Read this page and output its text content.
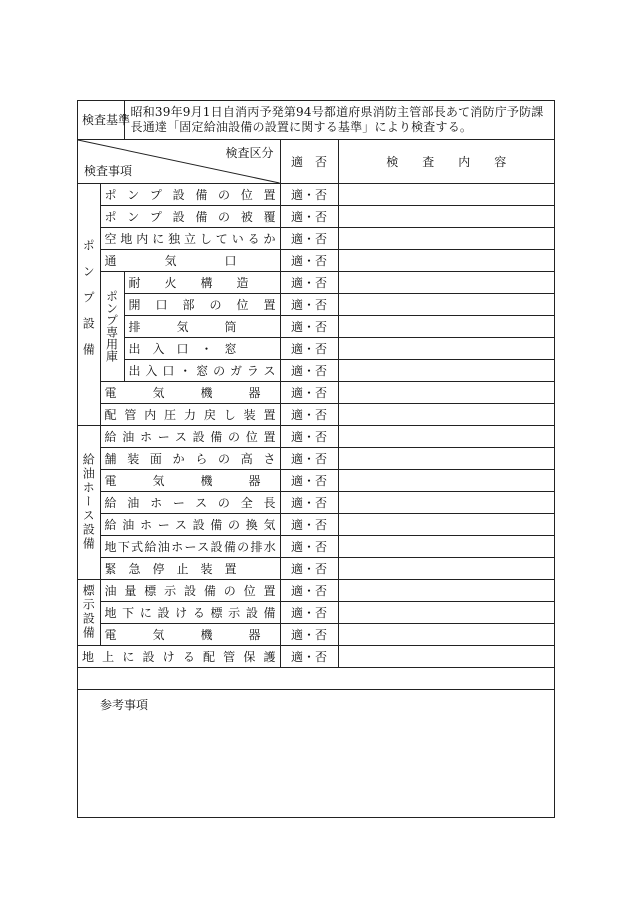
検査基準		昭和39年9月1日自消丙予発第94号都道府県消防主管部長あて消防庁予防課長通達「固定給油設備の設置に関する基準」により検査する。		

検査区分
検査事項			適　否	検　　査　　内　　容
ポンプ設備	ポンプ設備の位置		適・否	
	ポンプ設備の被覆		適・否	
	空地内に独立しているか		適・否	
	通　　　　気　　　　口		適・否	
	ポンプ専用庫	耐　　火　　構　　造	適・否	
		開口部の位置	適・否	
		排　　　気　　　筒	適・否	
		出　入　口　・　窓	適・否	
		出入口・窓のガラス	適・否	
	電　　　気　　　機　　　器		適・否	
	配管内圧力戻し装置		適・否	
給油ホース設備	給油ホース設備の位置		適・否	
	舗装面からの高さ		適・否	
	電　　　気　　　機　　　器		適・否	
	給油ホースの全長		適・否	
	給油ホース設備の換気		適・否	
	地下式給油ホース設備の排水		適・否	
	緊　急　停　止　装　置		適・否	
標示設備	油量標示設備の位置		適・否	
	地下に設ける標示設備		適・否	
	電　　　気　　　機　　　器		適・否	
地上に設ける配管保護			適・否	
参考事項
